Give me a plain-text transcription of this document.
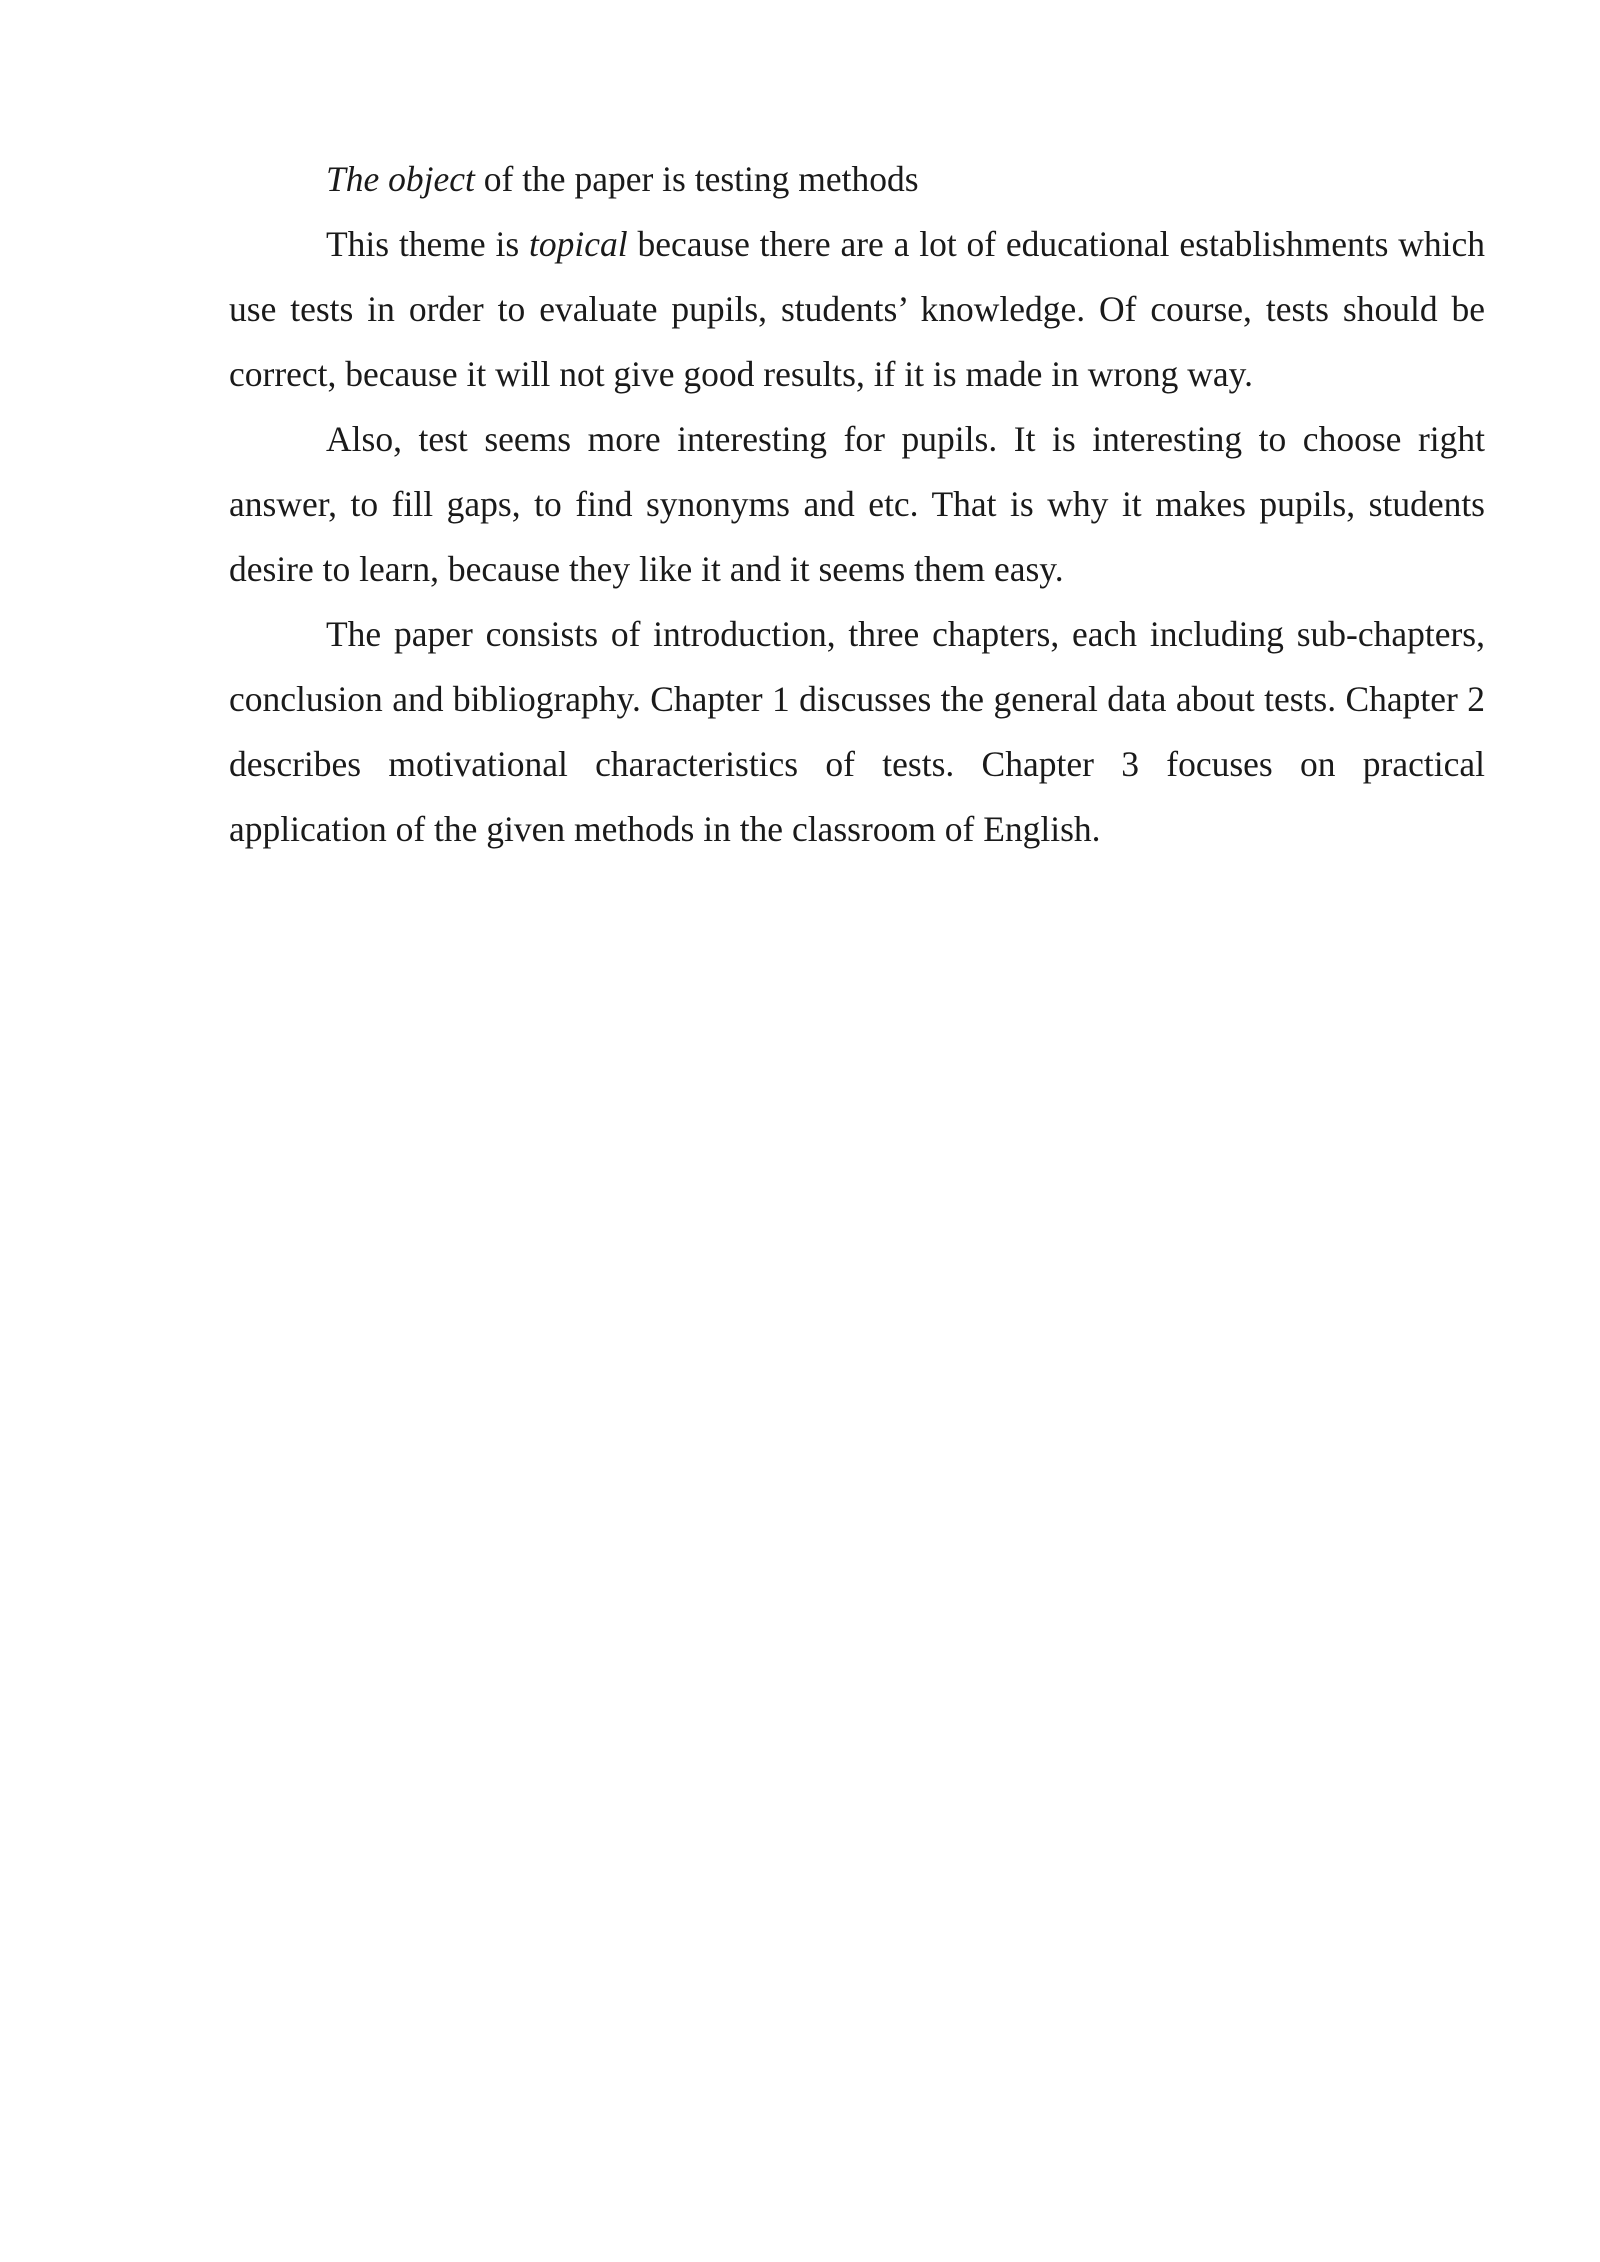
The object of the paper is testing methods

This theme is topical because there are a lot of educational establishments which use tests in order to evaluate pupils, students’ knowledge. Of course, tests should be correct, because it will not give good results, if it is made in wrong way.

Also, test seems more interesting for pupils. It is interesting to choose right answer, to fill gaps, to find synonyms and etc. That is why it makes pupils, students desire to learn, because they like it and it seems them easy.

The paper consists of introduction, three chapters, each including sub-chapters, conclusion and bibliography. Chapter 1 discusses the general data about tests. Chapter 2 describes motivational characteristics of tests. Chapter 3 focuses on practical application of the given methods in the classroom of English.
